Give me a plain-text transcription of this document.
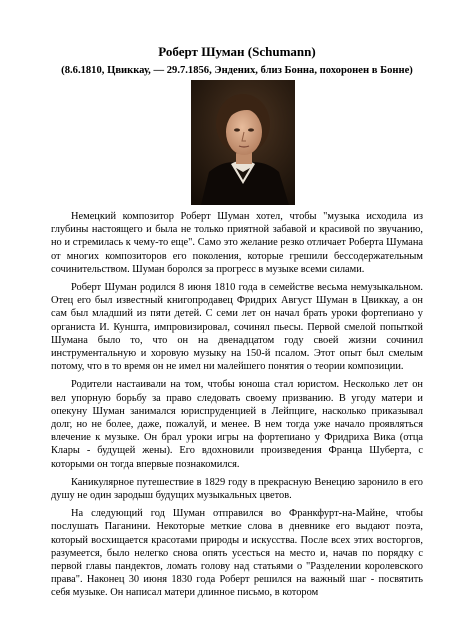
Роберт Шуман (Schumann)
(8.6.1810, Цвиккау, — 29.7.1856, Эндених, близ Бонна, похоронен в Бонне)

Немецкий композитор Роберт Шуман хотел, чтобы "музыка исходила из глубины настоящего и была не только приятной забавой и красивой по звучанию, но и стремилась к чему-то еще". Само это желание резко отличает Роберта Шумана от многих композиторов его поколения, которые грешили бессодержательным сочинительством. Шуман боролся за прогресс в музыке всеми силами.

Роберт Шуман родился 8 июня 1810 года в семействе весьма немузыкальном. Отец его был известный книгопродавец Фридрих Август Шуман в Цвиккау, а он сам был младший из пяти детей. С семи лет он начал брать уроки фортепиано у органиста И. Кунштa, импровизировал, сочинял пьесы. Первой смелой попыткой Шумана было то, что он на двенадцатом году своей жизни сочинил инструментальную и хоровую музыку на 150-й псалом. Этот опыт был смелым потому, что в то время он не имел ни малейшего понятия о теории композиции.

Родители настаивали на том, чтобы юноша стал юристом. Несколько лет он вел упорную борьбу за право следовать своему призванию. В угоду матери и опекуну Шуман занимался юриспруденцией в Лейпциге, насколько приказывал долг, но не более, даже, пожалуй, и менее. В нем тогда уже начало проявляться влечение к музыке. Он брал уроки игры на фортепиано у Фридриха Вика (отца Клары - будущей жены). Его вдохновили произведения Франца Шуберта, с которыми он тогда впервые познакомился.

Каникулярное путешествие в 1829 году в прекрасную Венецию заронило в его душу не один зародыш будущих музыкальных цветов.

На следующий год Шуман отправился во Франкфурт-на-Майне, чтобы послушать Паганини. Некоторые меткие слова в дневнике его выдают поэта, который восхищается красотами природы и искусства. После всех этих восторгов, разумеется, было нелегко снова опять усесться на место и, начав по порядку с первой главы пандектов, ломать голову над статьями о "Разделении королевского права". Наконец 30 июня 1830 года Роберт решился на важный шаг - посвятить себя музыке. Он написал матери длинное письмо, в котором
